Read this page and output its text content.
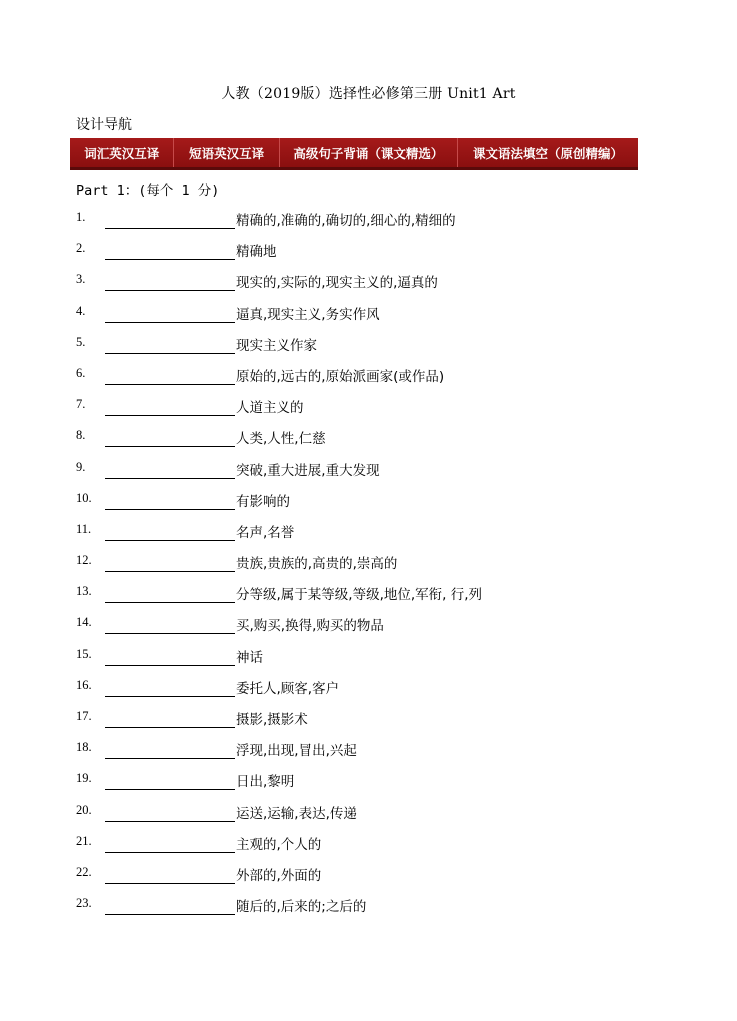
人教（2019版）选择性必修第三册 Unit1 Art
设计导航
词汇英汉互译	短语英汉互译	高级句子背诵（课文精选）	课文语法填空（原创精编）
Part 1：(每个 1 分)
1.	精确的,准确的,确切的,细心的,精细的
2.	精确地
3.	现实的,实际的,现实主义的,逼真的
4.	逼真,现实主义,务实作风
5.	现实主义作家
6.	原始的,远古的,原始派画家(或作品)
7.	人道主义的
8.	人类,人性,仁慈
9.	突破,重大进展,重大发现
10.	有影响的
11.	名声,名誉
12.	贵族,贵族的,高贵的,崇高的
13.	分等级,属于某等级,等级,地位,军衔, 行,列
14.	买,购买,换得,购买的物品
15.	神话
16.	委托人,顾客,客户
17.	摄影,摄影术
18.	浮现,出现,冒出,兴起
19.	日出,黎明
20.	运送,运输,表达,传递
21.	主观的,个人的
22.	外部的,外面的
23.	随后的,后来的;之后的
